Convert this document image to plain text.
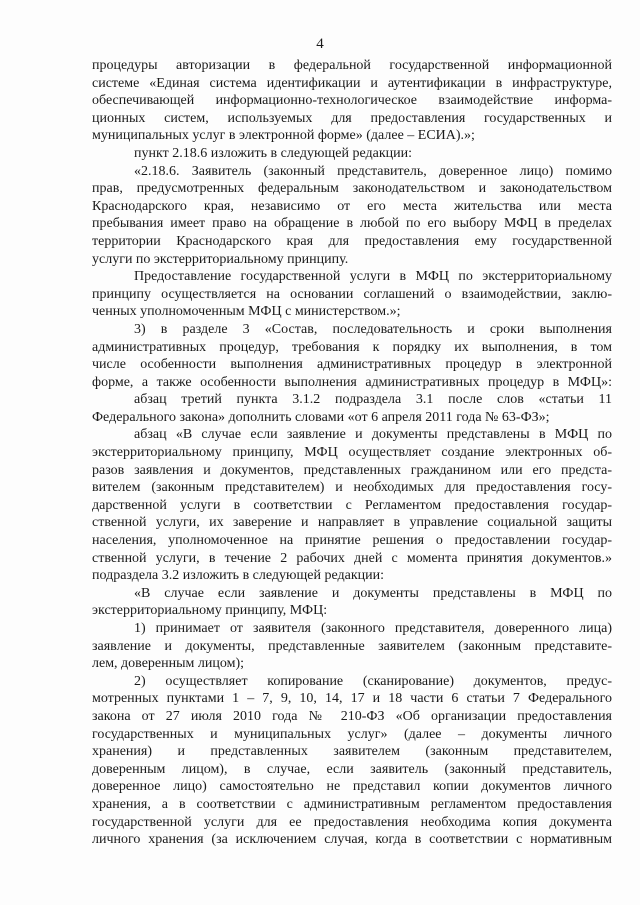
4
процедуры авторизации в федеральной государственной информационной
системе «Единая система идентификации и аутентификации в инфраструктуре,
обеспечивающей информационно-технологическое взаимодействие информа-
ционных систем, используемых для предоставления государственных и
муниципальных услуг в электронной форме» (далее – ЕСИА).»;
пункт 2.18.6 изложить в следующей редакции:
«2.18.6. Заявитель (законный представитель, доверенное лицо) помимо
прав, предусмотренных федеральным законодательством и законодательством
Краснодарского края, независимо от его места жительства или места
пребывания имеет право на обращение в любой по его выбору МФЦ в пределах
территории Краснодарского края для предоставления ему государственной
услуги по экстерриториальному принципу.
Предоставление государственной услуги в МФЦ по экстерриториальному
принципу осуществляется на основании соглашений о взаимодействии, заклю-
ченных уполномоченным МФЦ с министерством.»;
3) в разделе 3 «Состав, последовательность и сроки выполнения
административных процедур, требования к порядку их выполнения, в том
числе особенности выполнения административных процедур в электронной
форме, а также особенности выполнения административных процедур в МФЦ»:
абзац третий пункта 3.1.2 подраздела 3.1 после слов «статьи 11
Федерального закона» дополнить словами «от 6 апреля 2011 года № 63-ФЗ»;
абзац «В случае если заявление и документы представлены в МФЦ по
экстерриториальному принципу, МФЦ осуществляет создание электронных об-
разов заявления и документов, представленных гражданином или его предста-
вителем (законным представителем) и необходимых для предоставления госу-
дарственной услуги в соответствии с Регламентом предоставления государ-
ственной услуги, их заверение и направляет в управление социальной защиты
населения, уполномоченное на принятие решения о предоставлении государ-
ственной услуги, в течение 2 рабочих дней с момента принятия документов.»
подраздела 3.2 изложить в следующей редакции:
«В случае если заявление и документы представлены в МФЦ по
экстерриториальному принципу, МФЦ:
1) принимает от заявителя (законного представителя, доверенного лица)
заявление и документы, представленные заявителем (законным представите-
лем, доверенным лицом);
2) осуществляет копирование (сканирование) документов, предус-
мотренных пунктами 1 – 7, 9, 10, 14, 17 и 18 части 6 статьи 7 Федерального
закона от 27 июля 2010 года № 210-ФЗ «Об организации предоставления
государственных и муниципальных услуг» (далее – документы личного
хранения) и представленных заявителем (законным представителем,
доверенным лицом), в случае, если заявитель (законный представитель,
доверенное лицо) самостоятельно не представил копии документов личного
хранения, а в соответствии с административным регламентом предоставления
государственной услуги для ее предоставления необходима копия документа
личного хранения (за исключением случая, когда в соответствии с нормативным
